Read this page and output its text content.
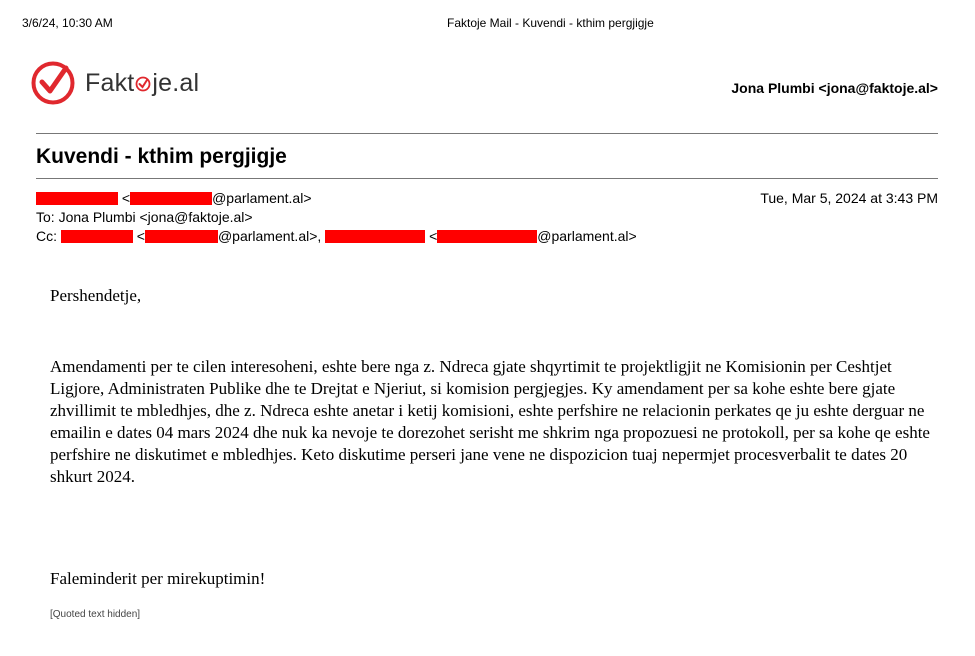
3/6/24, 10:30 AM	Faktoje Mail - Kuvendi - kthim pergjigje
Fakt je.al	Jona Plumbi <jona@faktoje.al>
Kuvendi - kthim pergjigje
<	@parlament.al>	Tue, Mar 5, 2024 at 3:43 PM
To: Jona Plumbi <jona@faktoje.al>
Cc:	<	@parlament.al>,	<	@parlament.al>

Pershendetje,

Amendamenti per te cilen interesoheni, eshte bere nga z. Ndreca gjate shqyrtimit te projektligjit ne Komisionin per Ceshtjet Ligjore, Administraten Publike dhe te Drejtat e Njeriut, si komision pergjegjes. Ky amendament per sa kohe eshte bere gjate zhvillimit te mbledhjes, dhe z. Ndreca eshte anetar i ketij komisioni, eshte perfshire ne relacionin perkates qe ju eshte derguar ne emailin e dates 04 mars 2024 dhe nuk ka nevoje te dorezohet serisht me shkrim nga propozuesi ne protokoll, per sa kohe qe eshte perfshire ne diskutimet e mbledhjes. Keto diskutime perseri jane vene ne dispozicion tuaj nepermjet procesverbalit te dates 20 shkurt 2024.

Faleminderit per mirekuptimin!

[Quoted text hidden]
